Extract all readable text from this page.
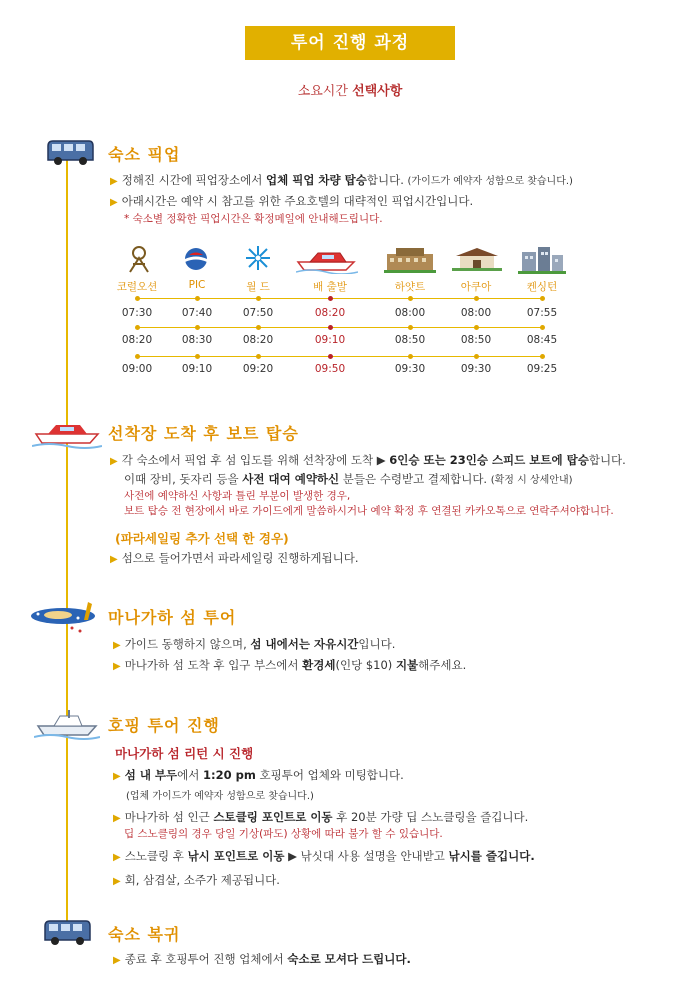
투어 진행 과정
소요시간 선택사항
숙소 픽업
▶ 정해진 시간에 픽업장소에서 업체 픽업 차량 탑승합니다. (가이드가 예약자 성함으로 찾습니다.)
▶ 아래시간은 예약 시 참고를 위한 주요호텔의 대략적인 픽업시간입니다.
* 숙소별 정확한 픽업시간은 확정메일에 안내해드립니다.
코럴오션	PIC	월 드	배 출발	하얏트	아쿠아	켄싱턴
07:30	07:40	07:50	08:20	08:00	08:00	07:55
08:20	08:30	08:20	09:10	08:50	08:50	08:45
09:00	09:10	09:20	09:50	09:30	09:30	09:25
선착장 도착 후 보트 탑승
▶ 각 숙소에서 픽업 후 섬 입도를 위해 선착장에 도착 ▶ 6인승 또는 23인승 스피드 보트에 탑승합니다.
이때 장비, 돗자리 등을 사전 대여 예약하신 분들은 수령받고 결제합니다. (확정 시 상세안내)
사전에 예약하신 사항과 틀린 부분이 발생한 경우,
보트 탑승 전 현장에서 바로 가이드에게 말씀하시거나 예약 확정 후 연결된 카카오톡으로 연락주셔야합니다.
(파라세일링 추가 선택 한 경우)
▶ 섬으로 들어가면서 파라세일링 진행하게됩니다.
마나가하 섬 투어
▶ 가이드 동행하지 않으며, 섬 내에서는 자유시간입니다.
▶ 마나가하 섬 도착 후 입구 부스에서 환경세(인당 $10) 지불해주세요.
호핑 투어 진행
마나가하 섬 리턴 시 진행
▶ 섬 내 부두에서 1:20 pm 호핑투어 업체와 미팅합니다.
(업체 가이드가 예약자 성함으로 찾습니다.)
▶ 마나가하 섬 인근 스토클링 포인트로 이동 후 20분 가량 딥 스노클링을 즐깁니다.
딥 스노클링의 경우 당일 기상(파도) 상황에 따라 불가 할 수 있습니다.
▶ 스노클링 후 낚시 포인트로 이동 ▶ 낚싯대 사용 설명을 안내받고 낚시를 즐깁니다.
▶ 회, 삼겹살, 소주가 제공됩니다.
숙소 복귀
▶ 종료 후 호핑투어 진행 업체에서 숙소로 모셔다 드립니다.
